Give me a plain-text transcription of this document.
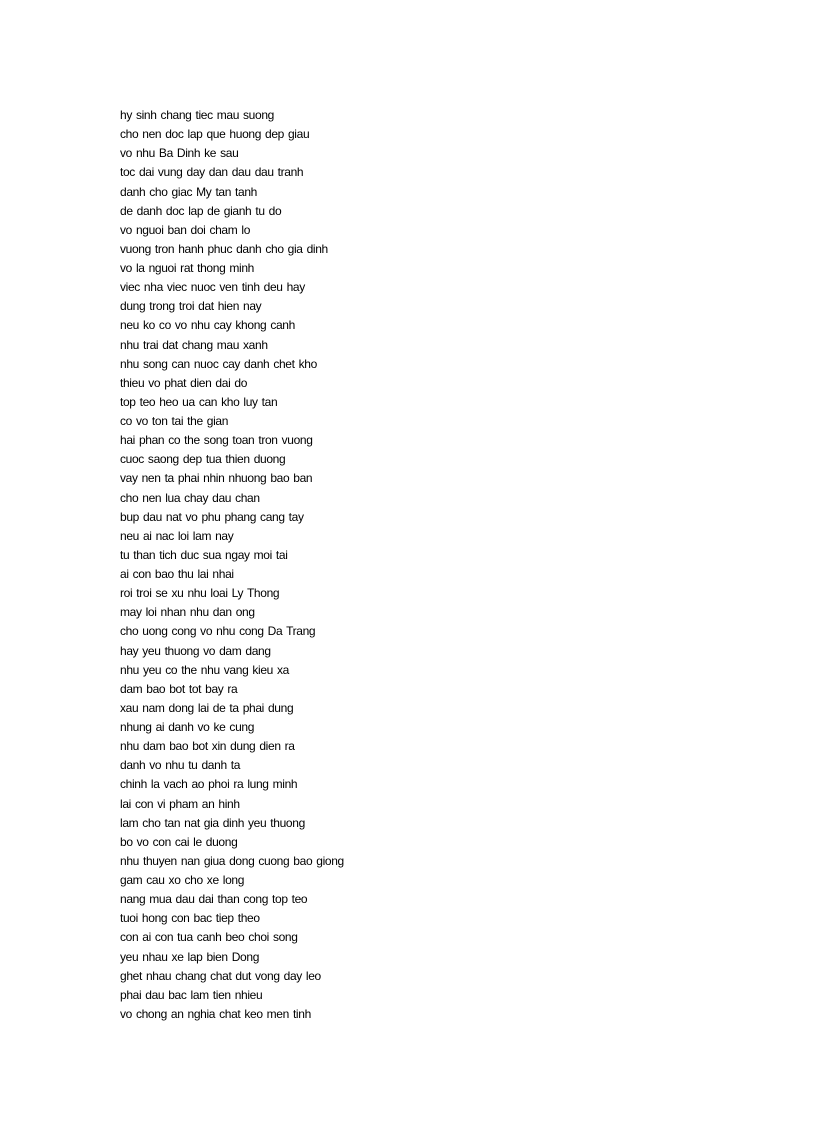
hy sinh chang tiec mau suong
cho nen doc lap que huong dep giau
vo nhu Ba Dinh ke sau
toc dai vung day dan dau dau tranh
danh cho giac My tan tanh
de danh doc lap de gianh tu do
vo nguoi ban doi cham lo
vuong tron hanh phuc danh cho gia dinh
vo la nguoi rat thong minh
viec nha viec nuoc ven tinh deu hay
dung trong troi dat hien nay
neu ko co vo nhu cay khong canh
nhu trai dat chang mau xanh
nhu song can nuoc cay danh chet kho
thieu vo phat dien dai do
top teo heo ua can kho luy tan
co vo ton tai the gian
hai phan co the song toan tron vuong
cuoc saong dep tua thien duong
vay nen ta phai nhin nhuong bao ban
cho nen lua chay dau chan
bup dau nat vo phu phang cang tay
neu ai nac loi lam nay
tu than tich duc sua ngay moi tai
ai con bao thu lai nhai
roi troi se xu nhu loai Ly Thong
may loi nhan nhu dan ong
cho uong cong vo nhu cong Da Trang
hay yeu thuong vo dam dang
nhu yeu co the nhu vang kieu xa
dam bao bot tot bay ra
xau nam dong lai de ta phai dung
nhung ai danh vo ke cung
nhu dam bao bot xin dung dien ra
danh vo nhu tu danh ta
chinh la vach ao phoi ra lung minh
lai con vi pham an hinh
lam cho tan nat gia dinh yeu thuong
bo vo con cai le duong
nhu thuyen nan giua dong cuong bao giong
gam cau xo cho xe long
nang mua dau dai than cong top teo
tuoi hong con bac tiep theo
con ai con tua canh beo choi song
yeu nhau xe lap bien Dong
ghet nhau chang chat dut vong day leo
phai dau bac lam tien nhieu
vo chong an nghia chat keo men tinh
